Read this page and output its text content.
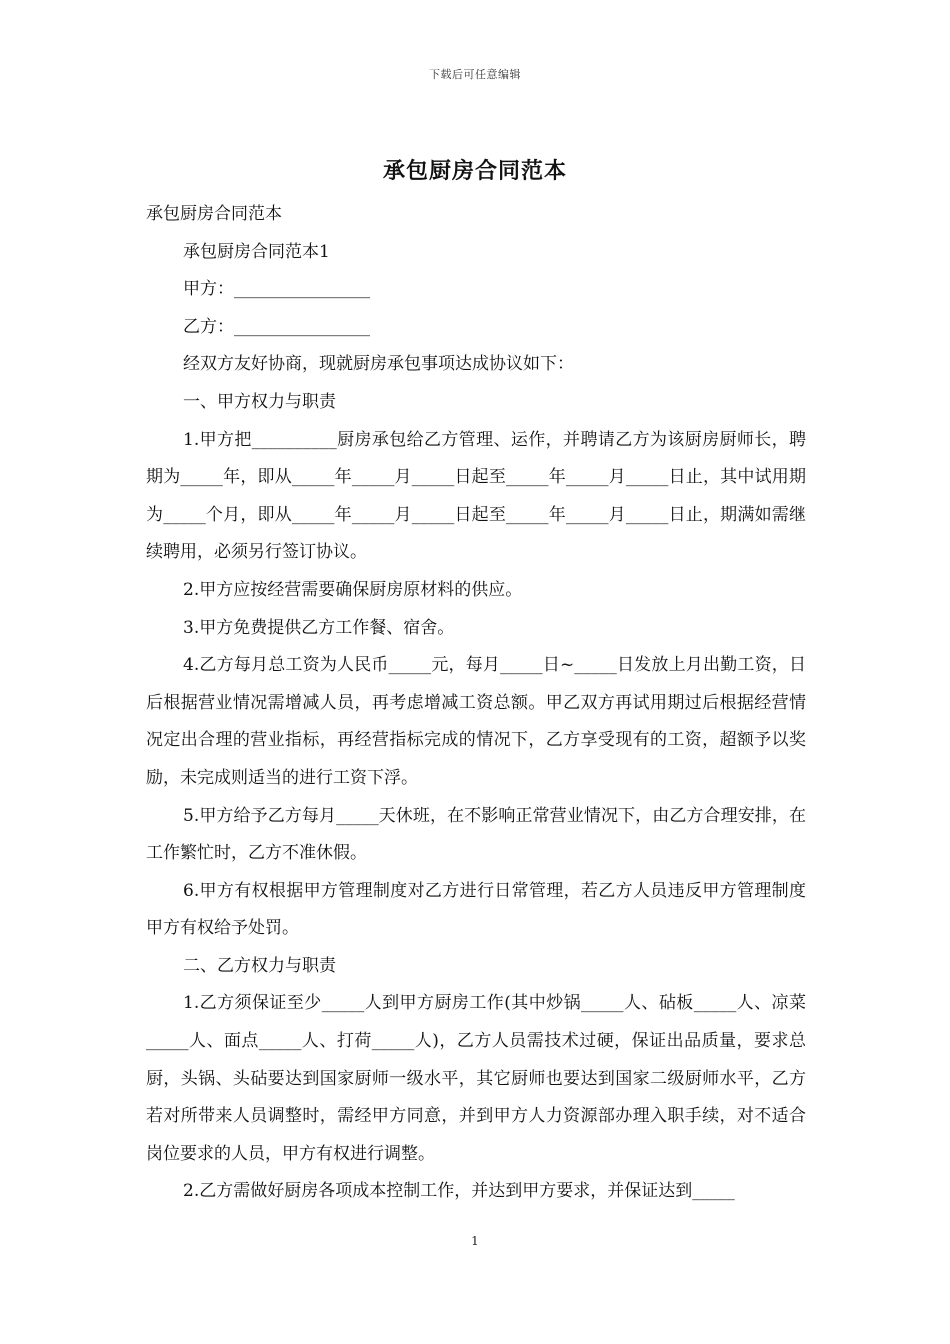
下载后可任意编辑
承包厨房合同范本

承包厨房合同范本

承包厨房合同范本1

甲方：________________

乙方：________________

经双方友好协商，现就厨房承包事项达成协议如下：

一、甲方权力与职责

1.甲方把__________厨房承包给乙方管理、运作，并聘请乙方为该厨房厨师长，聘期为_____年，即从_____年_____月_____日起至_____年_____月_____日止，其中试用期为_____个月，即从_____年_____月_____日起至_____年_____月_____日止，期满如需继续聘用，必须另行签订协议。

2.甲方应按经营需要确保厨房原材料的供应。

3.甲方免费提供乙方工作餐、宿舍。

4.乙方每月总工资为人民币_____元，每月_____日~_____日发放上月出勤工资，日后根据营业情况需增减人员，再考虑增减工资总额。甲乙双方再试用期过后根据经营情况定出合理的营业指标，再经营指标完成的情况下，乙方享受现有的工资，超额予以奖励，未完成则适当的进行工资下浮。

5.甲方给予乙方每月_____天休班，在不影响正常营业情况下，由乙方合理安排，在工作繁忙时，乙方不准休假。

6.甲方有权根据甲方管理制度对乙方进行日常管理，若乙方人员违反甲方管理制度甲方有权给予处罚。

二、乙方权力与职责

1.乙方须保证至少_____人到甲方厨房工作(其中炒锅_____人、砧板_____人、凉菜_____人、面点_____人、打荷_____人)，乙方人员需技术过硬，保证出品质量，要求总厨，头锅、头砧要达到国家厨师一级水平，其它厨师也要达到国家二级厨师水平，乙方若对所带来人员调整时，需经甲方同意，并到甲方人力资源部办理入职手续，对不适合岗位要求的人员，甲方有权进行调整。

2.乙方需做好厨房各项成本控制工作，并达到甲方要求，并保证达到_____

1
